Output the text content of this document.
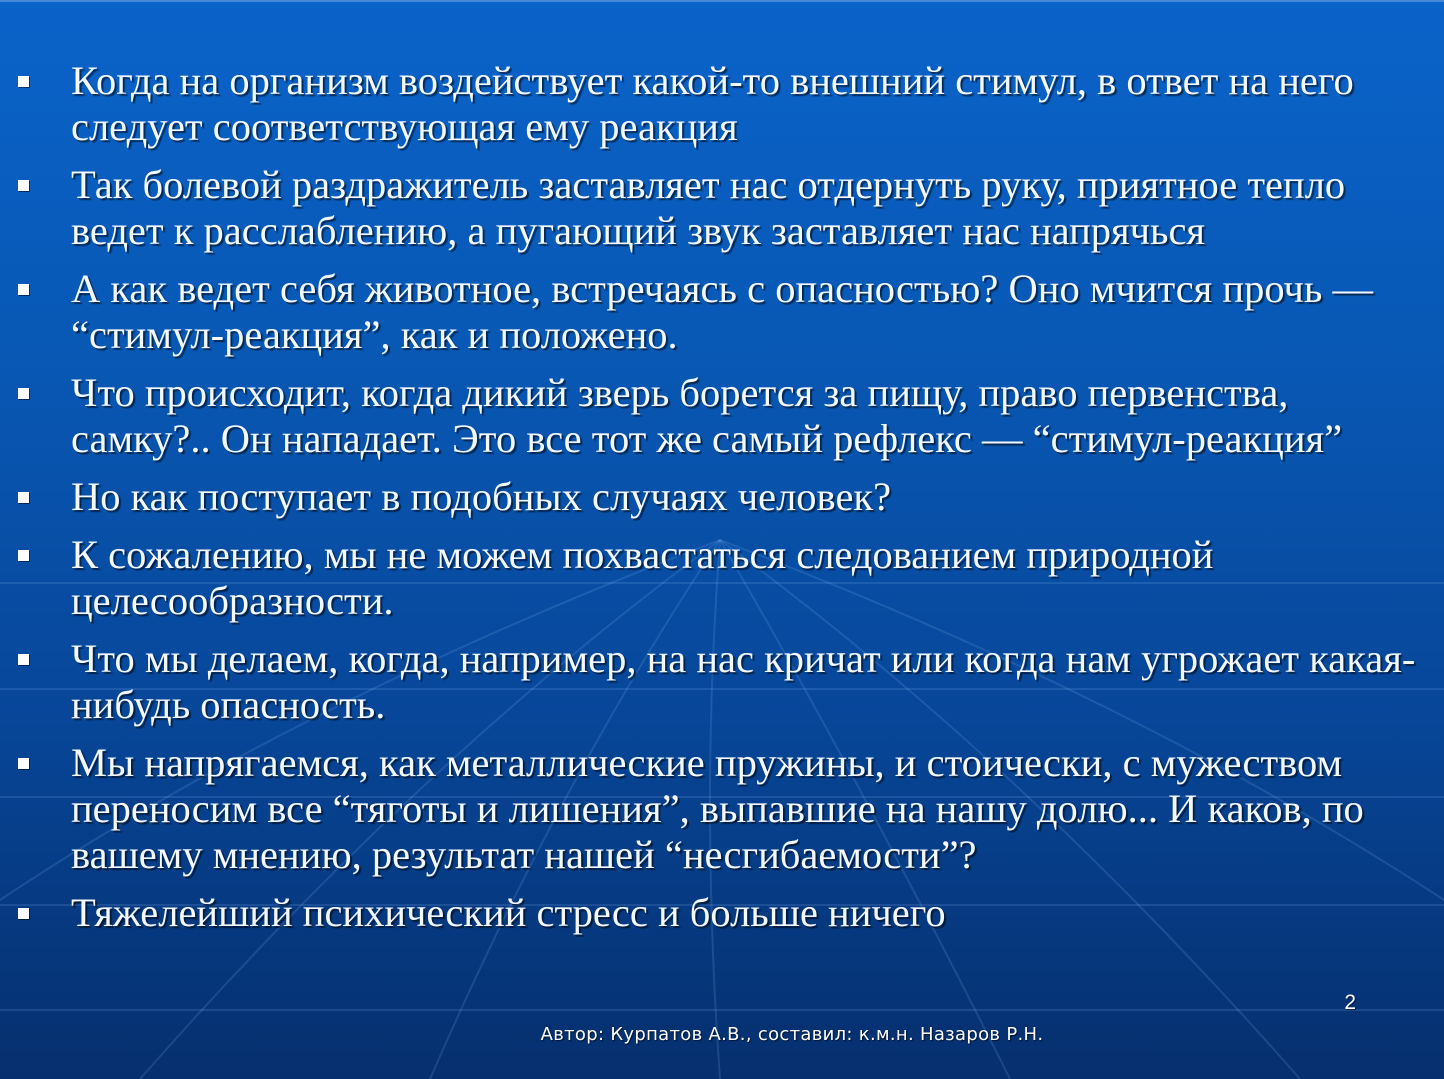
Когда на организм воздействует какой-то внешний стимул, в ответ на него следует соответствующая ему реакция
Так болевой раздражитель заставляет нас отдернуть руку, приятное тепло ведет к расслаблению, а пугающий звук заставляет нас напрячься
А как ведет себя животное, встречаясь с опасностью? Оно мчится прочь — “стимул-реакция”, как и положено.
Что происходит, когда дикий зверь борется за пищу, право первенства, самку?.. Он нападает. Это все тот же самый рефлекс — “стимул-реакция”
Но как поступает в подобных случаях человек?
К сожалению, мы не можем похвастаться следованием природной целесообразности.
Что мы делаем, когда, например, на нас кричат или когда нам угрожает какая-нибудь опасность.
Мы напрягаемся, как металлические пружины, и стоически, с мужеством переносим все “тяготы и лишения”, выпавшие на нашу долю... И каков, по вашему мнению, результат нашей “несгибаемости”?
Тяжелейший психический стресс и больше ничего
2
Автор: Курпатов А.В., составил: к.м.н. Назаров Р.Н.
